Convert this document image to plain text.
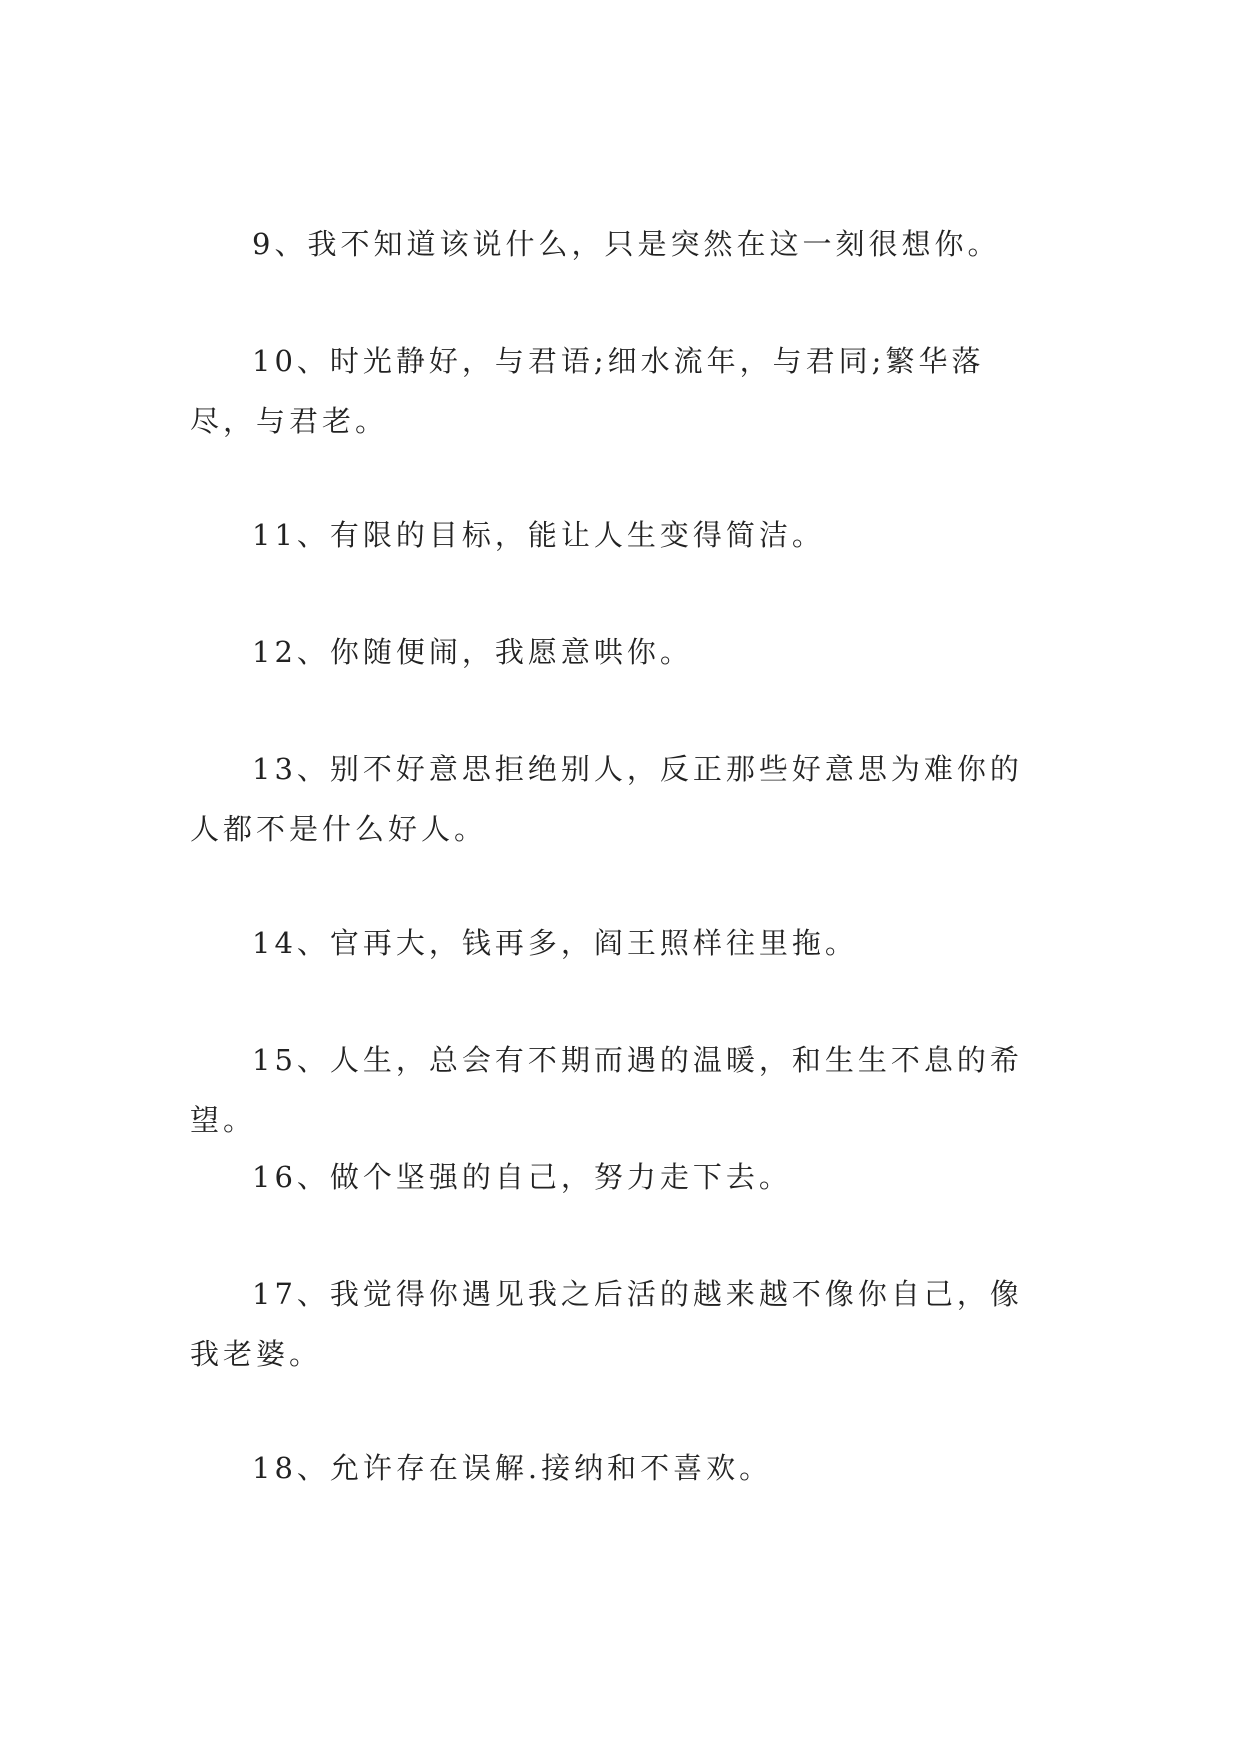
9、我不知道该说什么，只是突然在这一刻很想你。

10、时光静好，与君语;细水流年，与君同;繁华落尽，与君老。

11、有限的目标，能让人生变得简洁。

12、你随便闹，我愿意哄你。

13、别不好意思拒绝别人，反正那些好意思为难你的人都不是什么好人。

14、官再大，钱再多，阎王照样往里拖。

15、人生，总会有不期而遇的温暖，和生生不息的希望。

16、做个坚强的自己，努力走下去。

17、我觉得你遇见我之后活的越来越不像你自己，像我老婆。

18、允许存在误解.接纳和不喜欢。
